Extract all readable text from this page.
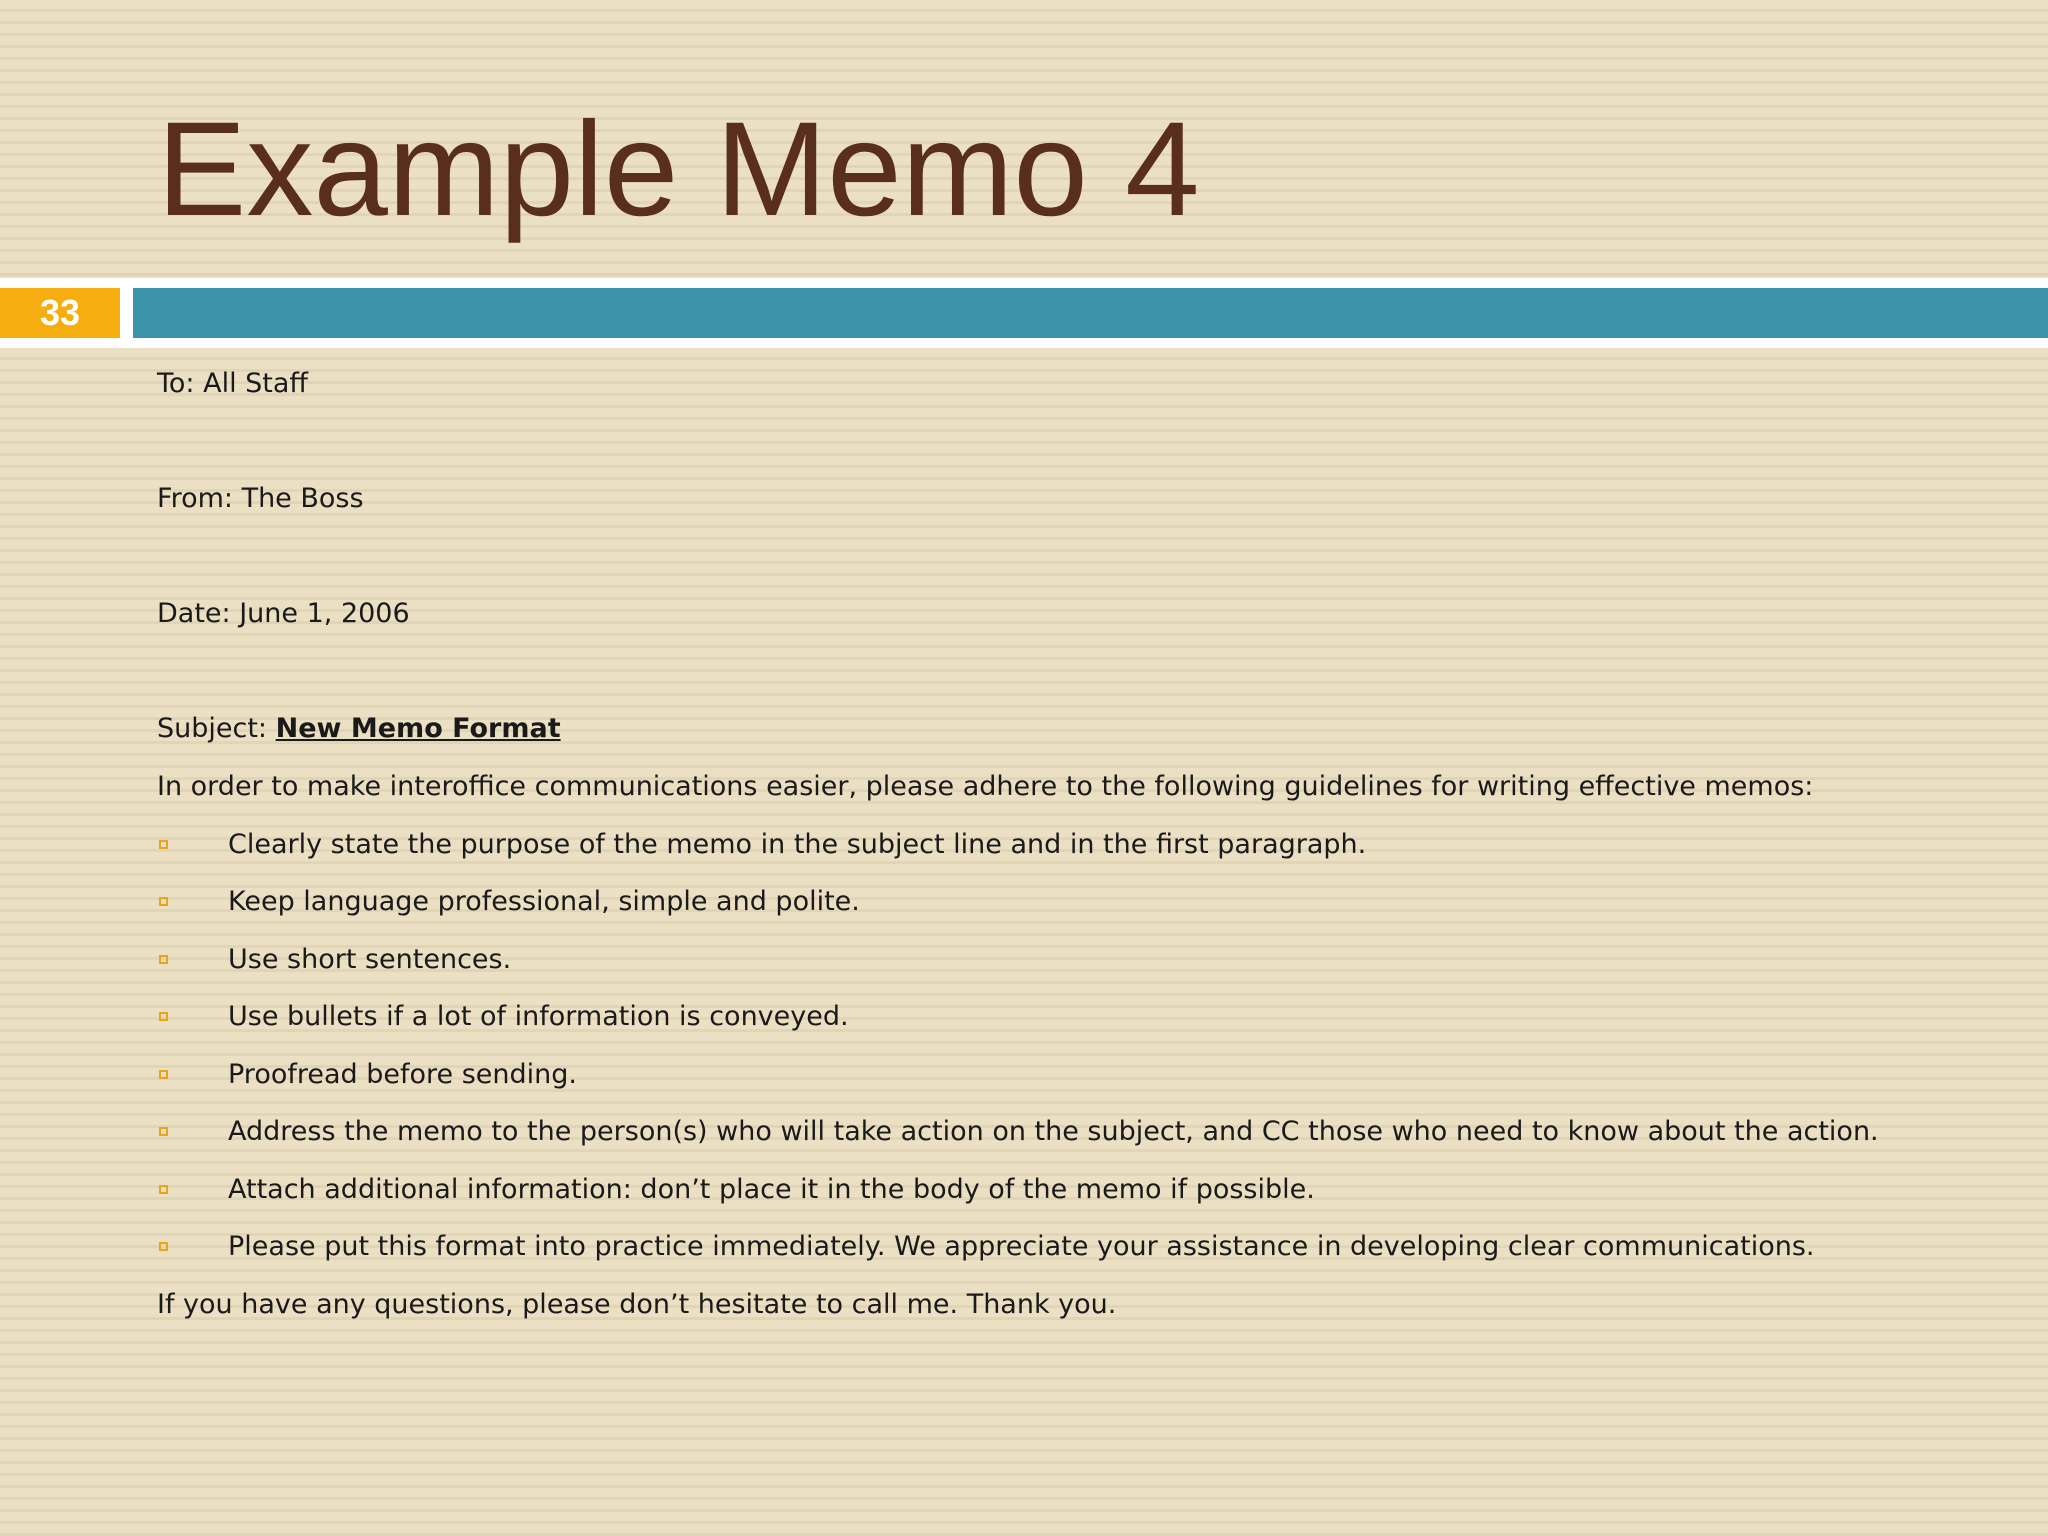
Example Memo 4
33
To: All Staff
From: The Boss
Date: June 1, 2006
Subject: New Memo Format
In order to make interoffice communications easier, please adhere to the following guidelines for writing effective memos:
Clearly state the purpose of the memo in the subject line and in the first paragraph.
Keep language professional, simple and polite.
Use short sentences.
Use bullets if a lot of information is conveyed.
Proofread before sending.
Address the memo to the person(s) who will take action on the subject, and CC those who need to know about the action.
Attach additional information: don’t place it in the body of the memo if possible.
Please put this format into practice immediately. We appreciate your assistance in developing clear communications.
If you have any questions, please don’t hesitate to call me. Thank you.
